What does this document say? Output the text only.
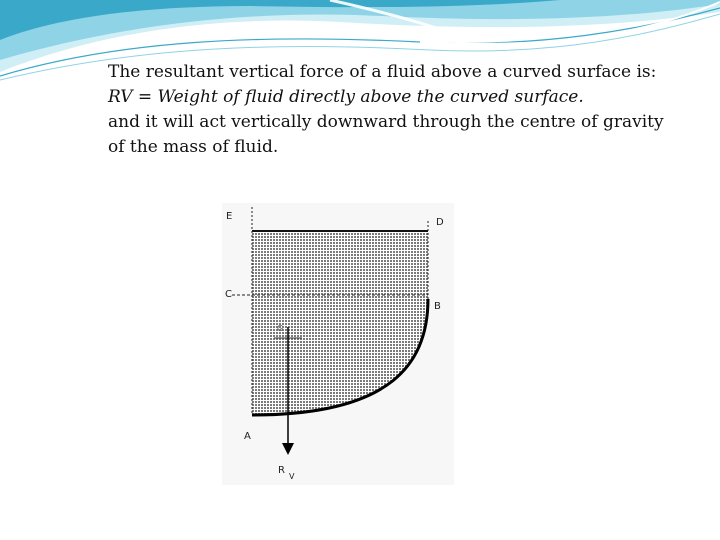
The resultant vertical force of a fluid above a curved surface is:

RV = Weight of fluid directly above the curved surface.

and it will act vertically downward through the centre of gravity of the mass of fluid.

E
D
C
B
G
A
R
V
